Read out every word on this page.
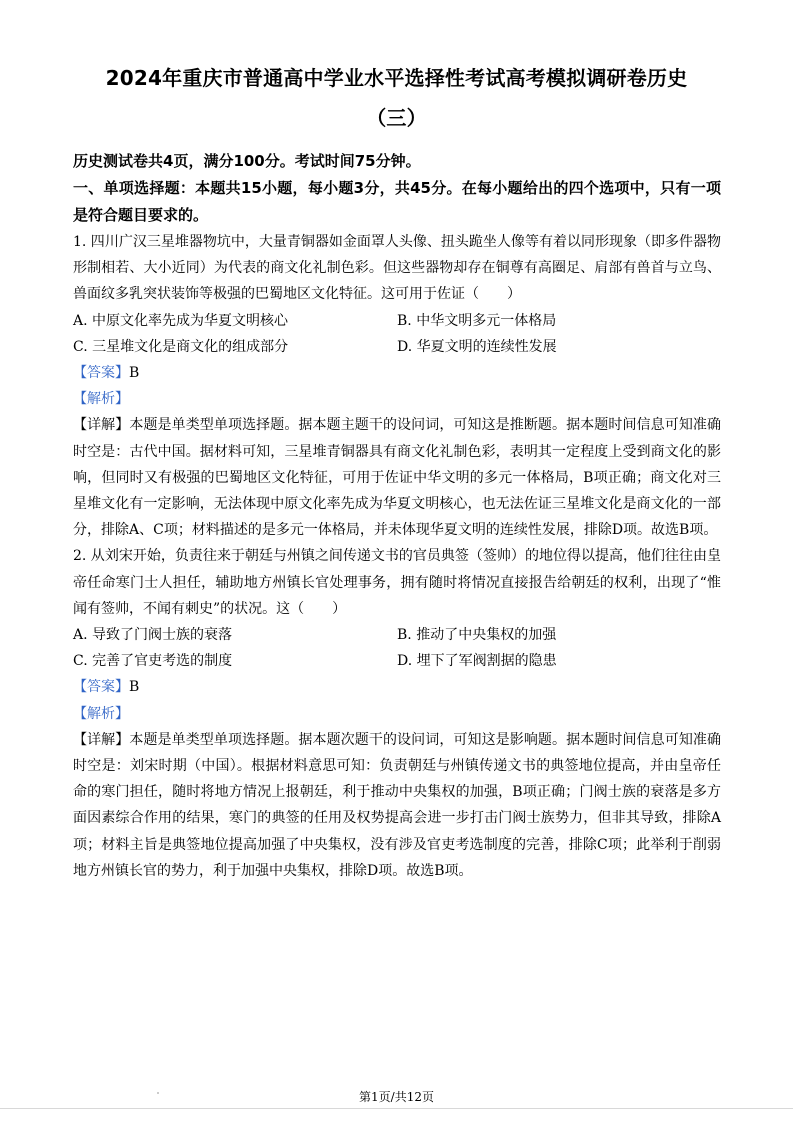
2024年重庆市普通高中学业水平选择性考试高考模拟调研卷历史
（三）

历史测试卷共4页，满分100分。考试时间75分钟。

一、单项选择题：本题共15小题，每小题3分，共45分。在每小题给出的四个选项中，只有一项是符合题目要求的。

1. 四川广汉三星堆器物坑中，大量青铜器如金面罩人头像、扭头跪坐人像等有着以同形现象（即多件器物形制相若、大小近同）为代表的商文化礼制色彩。但这些器物却存在铜尊有高圈足、肩部有兽首与立鸟、兽面纹多乳突状装饰等极强的巴蜀地区文化特征。这可用于佐证（　　）

A. 中原文化率先成为华夏文明核心	B. 中华文明多元一体格局
C. 三星堆文化是商文化的组成部分	D. 华夏文明的连续性发展

【答案】B

【解析】

【详解】本题是单类型单项选择题。据本题主题干的设问词，可知这是推断题。据本题时间信息可知准确时空是：古代中国。据材料可知，三星堆青铜器具有商文化礼制色彩，表明其一定程度上受到商文化的影响，但同时又有极强的巴蜀地区文化特征，可用于佐证中华文明的多元一体格局，B项正确；商文化对三星堆文化有一定影响，无法体现中原文化率先成为华夏文明核心，也无法佐证三星堆文化是商文化的一部分，排除A、C项；材料描述的是多元一体格局，并未体现华夏文明的连续性发展，排除D项。故选B项。

2. 从刘宋开始，负责往来于朝廷与州镇之间传递文书的官员典签（签帅）的地位得以提高，他们往往由皇帝任命寒门士人担任，辅助地方州镇长官处理事务，拥有随时将情况直接报告给朝廷的权利，出现了“惟闻有签帅，不闻有刺史”的状况。这（　　）

A. 导致了门阀士族的衰落	B. 推动了中央集权的加强
C. 完善了官吏考选的制度	D. 埋下了军阀割据的隐患

【答案】B

【解析】

【详解】本题是单类型单项选择题。据本题次题干的设问词，可知这是影响题。据本题时间信息可知准确时空是：刘宋时期（中国）。根据材料意思可知：负责朝廷与州镇传递文书的典签地位提高，并由皇帝任命的寒门担任，随时将地方情况上报朝廷，利于推动中央集权的加强，B项正确；门阀士族的衰落是多方面因素综合作用的结果，寒门的典签的任用及权势提高会进一步打击门阀士族势力，但非其导致，排除A项；材料主旨是典签地位提高加强了中央集权，没有涉及官吏考选制度的完善，排除C项；此举利于削弱地方州镇长官的势力，利于加强中央集权，排除D项。故选B项。

第1页/共12页
